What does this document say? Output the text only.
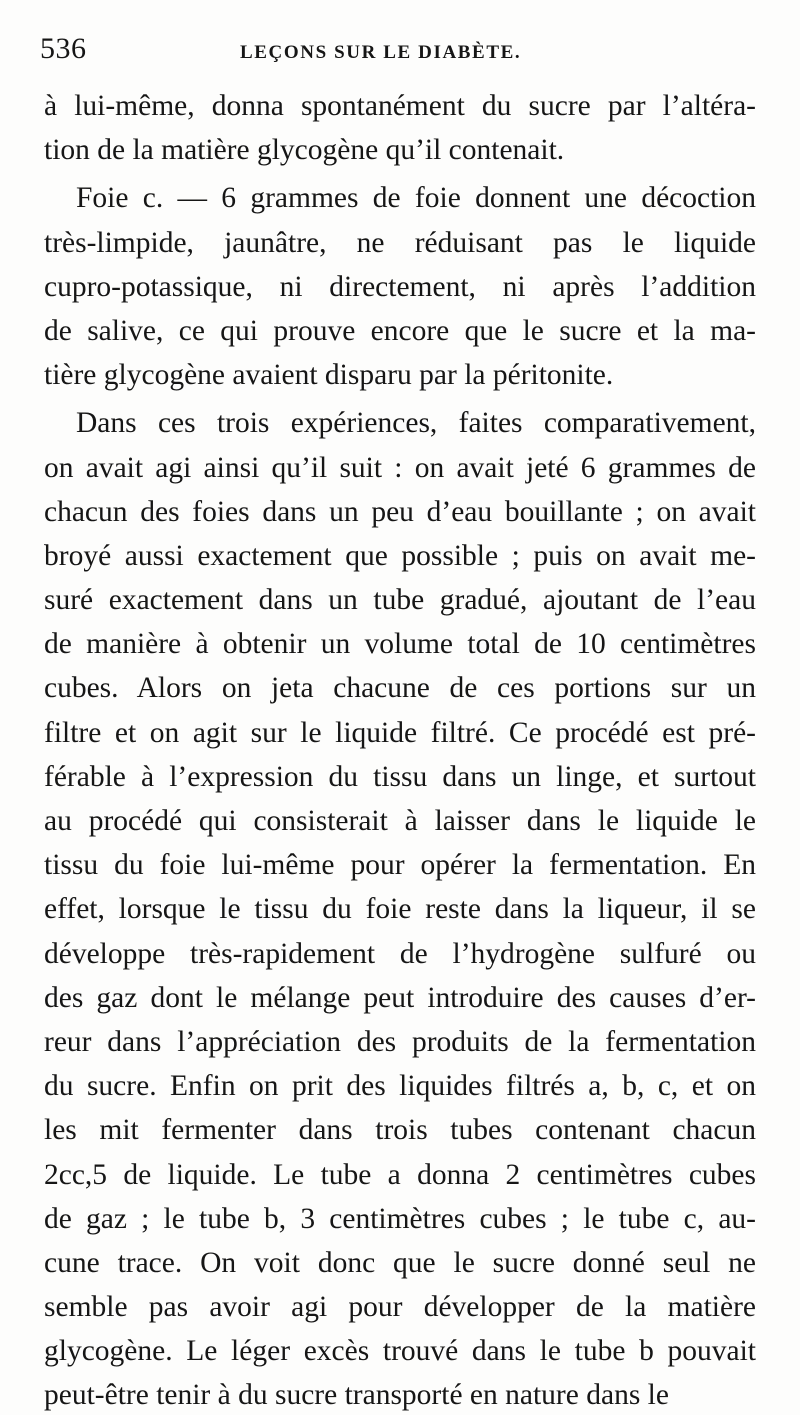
536	LEÇONS SUR LE DIABÈTE.
à lui-même, donna spontanément du sucre par l’altéra-
tion de la matière glycogène qu’il contenait.
Foie c. — 6 grammes de foie donnent une décoction
très-limpide, jaunâtre, ne réduisant pas le liquide
cupro-potassique, ni directement, ni après l’addition
de salive, ce qui prouve encore que le sucre et la ma-
tière glycogène avaient disparu par la péritonite.
Dans ces trois expériences, faites comparativement,
on avait agi ainsi qu’il suit : on avait jeté 6 grammes de
chacun des foies dans un peu d’eau bouillante ; on avait
broyé aussi exactement que possible ; puis on avait me-
suré exactement dans un tube gradué, ajoutant de l’eau
de manière à obtenir un volume total de 10 centimètres
cubes. Alors on jeta chacune de ces portions sur un
filtre et on agit sur le liquide filtré. Ce procédé est pré-
férable à l’expression du tissu dans un linge, et surtout
au procédé qui consisterait à laisser dans le liquide le
tissu du foie lui-même pour opérer la fermentation. En
effet, lorsque le tissu du foie reste dans la liqueur, il se
développe très-rapidement de l’hydrogène sulfuré ou
des gaz dont le mélange peut introduire des causes d’er-
reur dans l’appréciation des produits de la fermentation
du sucre. Enfin on prit des liquides filtrés a, b, c, et on
les mit fermenter dans trois tubes contenant chacun
2cc,5 de liquide. Le tube a donna 2 centimètres cubes
de gaz ; le tube b, 3 centimètres cubes ; le tube c, au-
cune trace. On voit donc que le sucre donné seul ne
semble pas avoir agi pour développer de la matière
glycogène. Le léger excès trouvé dans le tube b pouvait
peut-être tenir à du sucre transporté en nature dans le
